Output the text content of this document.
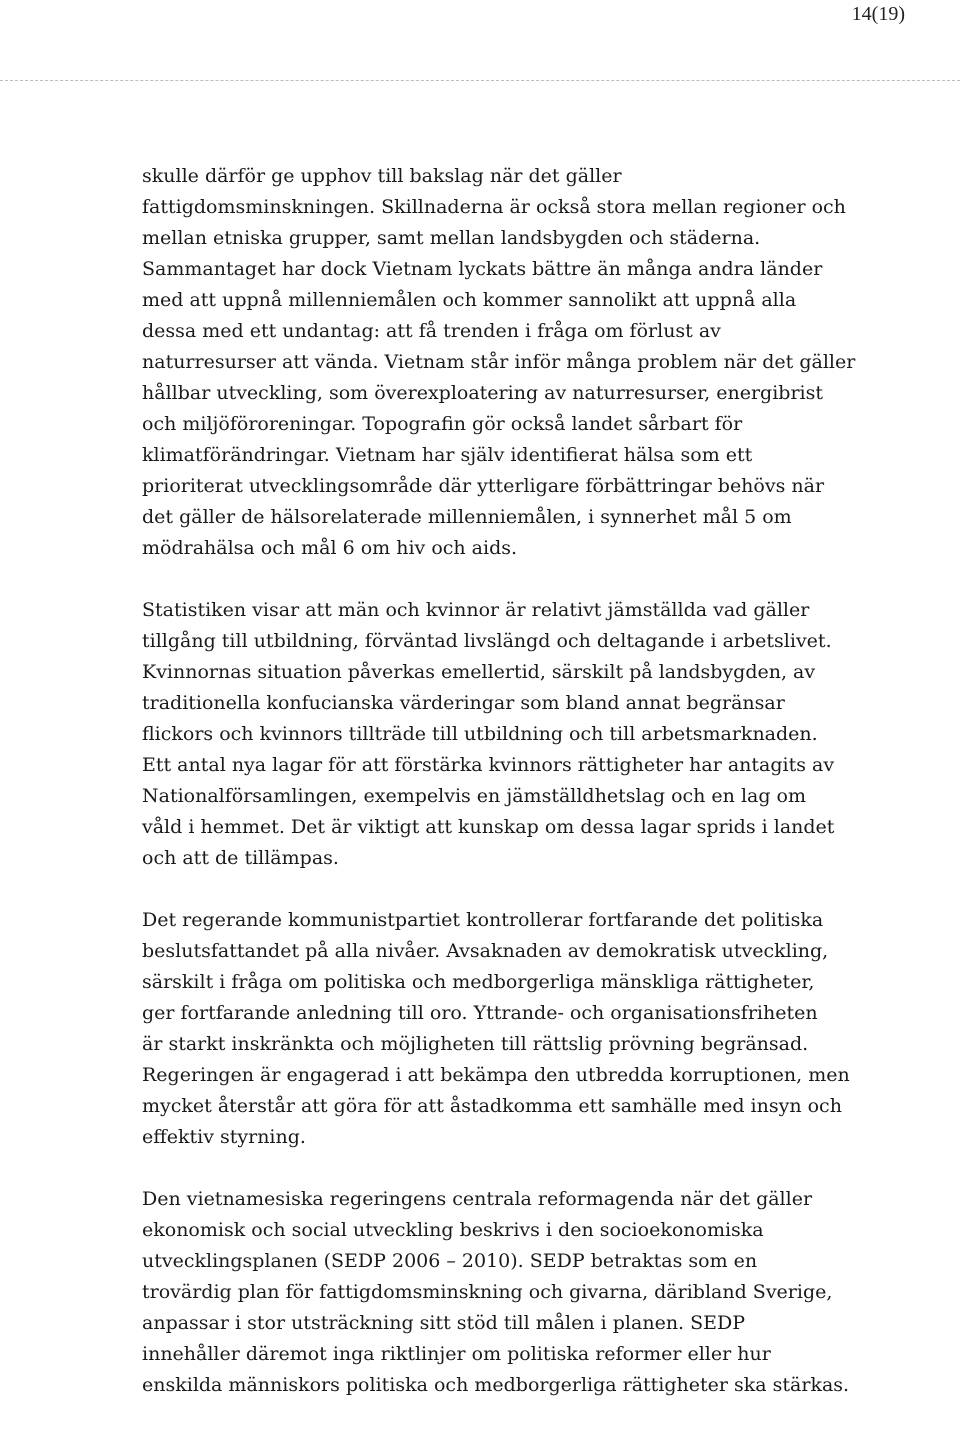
14(19)

skulle därför ge upphov till bakslag när det gäller
fattigdomsminskningen. Skillnaderna är också stora mellan regioner och
mellan etniska grupper, samt mellan landsbygden och städerna.
Sammantaget har dock Vietnam lyckats bättre än många andra länder
med att uppnå millenniemålen och kommer sannolikt att uppnå alla
dessa med ett undantag: att få trenden i fråga om förlust av
naturresurser att vända. Vietnam står inför många problem när det gäller
hållbar utveckling, som överexploatering av naturresurser, energibrist
och miljöföroreningar. Topografin gör också landet sårbart för
klimatförändringar. Vietnam har själv identifierat hälsa som ett
prioriterat utvecklingsområde där ytterligare förbättringar behövs när
det gäller de hälsorelaterade millenniemålen, i synnerhet mål 5 om
mödrahälsa och mål 6 om hiv och aids.

Statistiken visar att män och kvinnor är relativt jämställda vad gäller
tillgång till utbildning, förväntad livslängd och deltagande i arbetslivet.
Kvinnornas situation påverkas emellertid, särskilt på landsbygden, av
traditionella konfucianska värderingar som bland annat begränsar
flickors och kvinnors tillträde till utbildning och till arbetsmarknaden.
Ett antal nya lagar för att förstärka kvinnors rättigheter har antagits av
Nationalförsamlingen, exempelvis en jämställdhetslag och en lag om
våld i hemmet. Det är viktigt att kunskap om dessa lagar sprids i landet
och att de tillämpas.

Det regerande kommunistpartiet kontrollerar fortfarande det politiska
beslutsfattandet på alla nivåer. Avsaknaden av demokratisk utveckling,
särskilt i fråga om politiska och medborgerliga mänskliga rättigheter,
ger fortfarande anledning till oro. Yttrande- och organisationsfriheten
är starkt inskränkta och möjligheten till rättslig prövning begränsad.
Regeringen är engagerad i att bekämpa den utbredda korruptionen, men
mycket återstår att göra för att åstadkomma ett samhälle med insyn och
effektiv styrning.

Den vietnamesiska regeringens centrala reformagenda när det gäller
ekonomisk och social utveckling beskrivs i den socioekonomiska
utvecklingsplanen (SEDP 2006 – 2010). SEDP betraktas som en
trovärdig plan för fattigdomsminskning och givarna, däribland Sverige,
anpassar i stor utsträckning sitt stöd till målen i planen. SEDP
innehåller däremot inga riktlinjer om politiska reformer eller hur
enskilda människors politiska och medborgerliga rättigheter ska stärkas.
